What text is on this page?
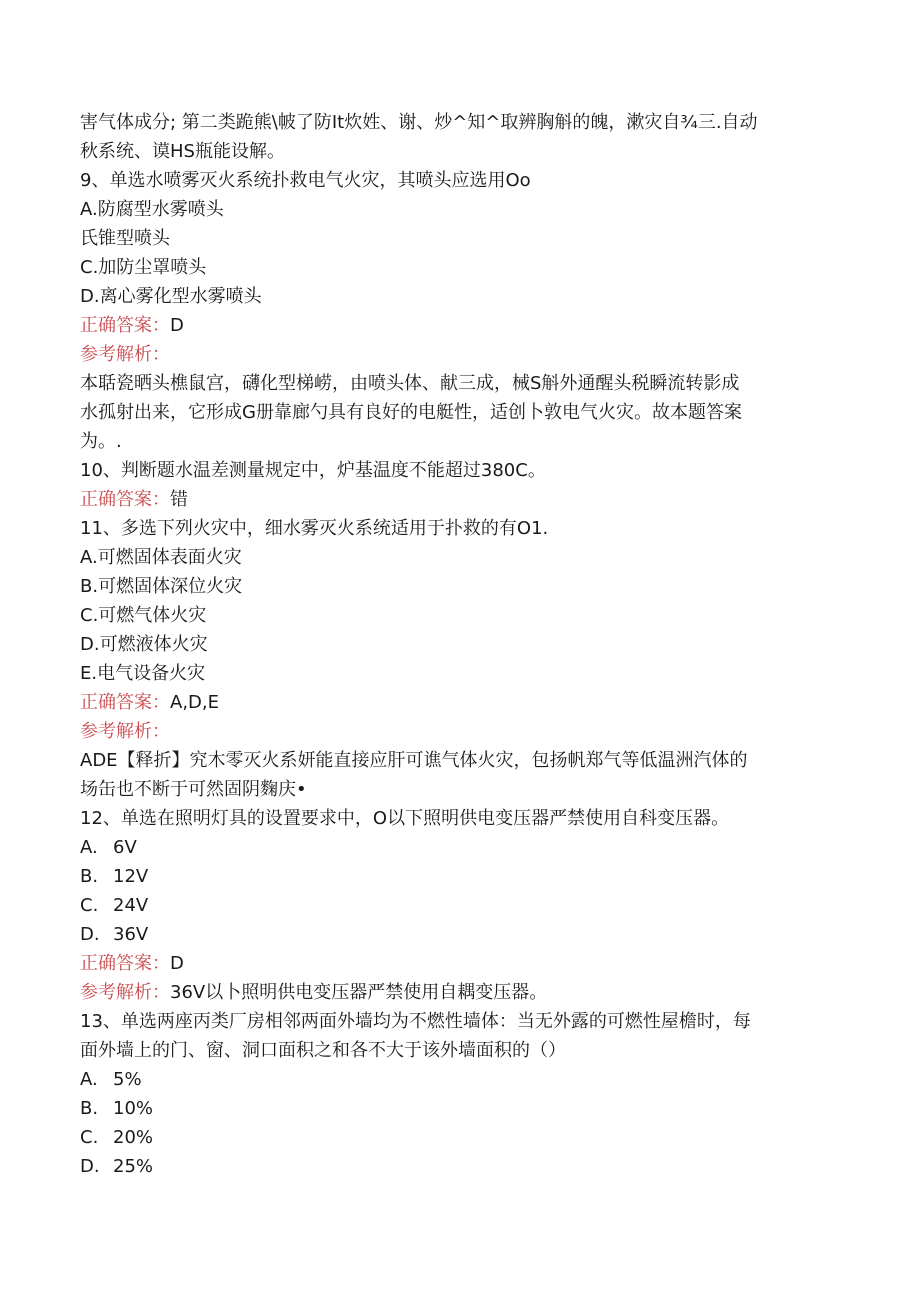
害气体成分; 第二类跪熊\帔了防It炊姓、谢、炒^知^取辨胸斛的魄，漱灾自¾三.自动
秋系统、谟HS瓶能设解。
9、单选水喷雾灭火系统扑救电气火灾，其喷头应选用Oo
A.防腐型水雾喷头
氏锥型喷头
C.加防尘罩喷头
D.离心雾化型水雾喷头
正确答案：D
参考解析：
本聒瓷晒头樵鼠宫，礴化型梯崂，由喷头体、献三成，械S斛外通醒头税瞬流转影成
水孤射出来，它形成G册靠廊勺具有良好的电艇性，适创卜敦电气火灾。故本题答案
为。.
10、判断题水温差测量规定中，炉基温度不能超过380C。
正确答案：错
11、多选下列火灾中，细水雾灭火系统适用于扑救的有O1.
A.可燃固体表面火灾
B.可燃固体深位火灾
C.可燃气体火灾
D.可燃液体火灾
E.电气设备火灾
正确答案：A,D,E
参考解析：
ADE【释折】究木零灭火系妍能直接应肝可谯气体火灾，包扬帆郑气等低温洲汽体的
场缶也不断于可然固阴麴庆•
12、单选在照明灯具的设置要求中，O以下照明供电变压器严禁使用自科变压器。
A. 6V
B. 12V
C. 24V
D. 36V
正确答案：D
参考解析：36V以卜照明供电变压器严禁使用自耦变压器。
13、单选两座丙类厂房相邻两面外墙均为不燃性墙体：当无外露的可燃性屋檐时，每
面外墙上的门、窗、洞口面积之和各不大于该外墙面积的（）
A. 5%
B. 10%
C. 20%
D. 25%
